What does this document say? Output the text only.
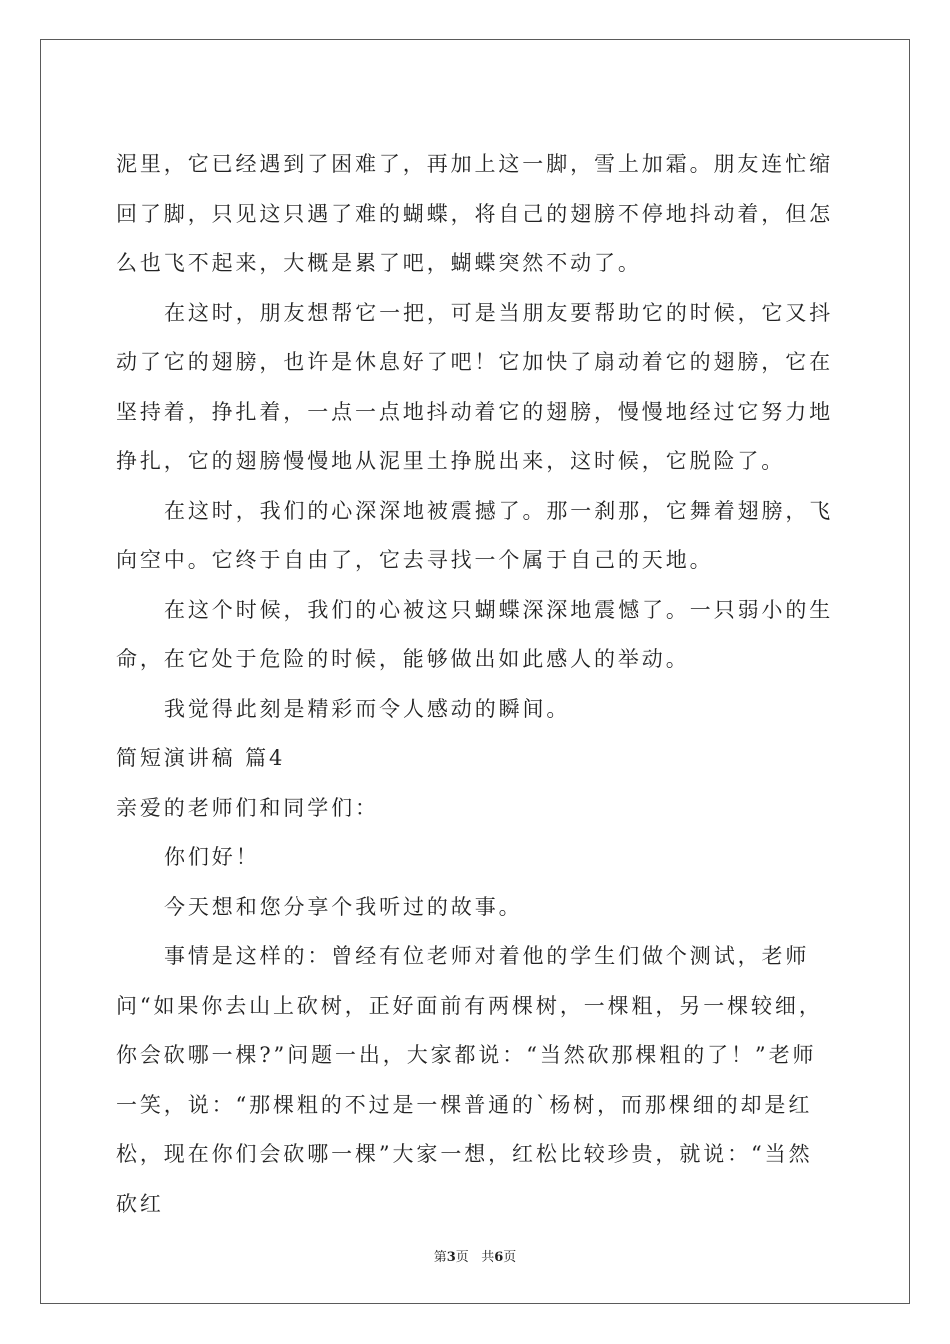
泥里，它已经遇到了困难了，再加上这一脚，雪上加霜。朋友连忙缩回了脚，只见这只遇了难的蝴蝶，将自己的翅膀不停地抖动着，但怎么也飞不起来，大概是累了吧，蝴蝶突然不动了。

在这时，朋友想帮它一把，可是当朋友要帮助它的时候，它又抖动了它的翅膀，也许是休息好了吧！它加快了扇动着它的翅膀，它在坚持着，挣扎着，一点一点地抖动着它的翅膀，慢慢地经过它努力地挣扎，它的翅膀慢慢地从泥里土挣脱出来，这时候，它脱险了。

在这时，我们的心深深地被震撼了。那一刹那，它舞着翅膀，飞向空中。它终于自由了，它去寻找一个属于自己的天地。

在这个时候，我们的心被这只蝴蝶深深地震憾了。一只弱小的生命，在它处于危险的时候，能够做出如此感人的举动。

我觉得此刻是精彩而令人感动的瞬间。

简短演讲稿 篇4

亲爱的老师们和同学们：

你们好！

今天想和您分享个我听过的故事。

事情是这样的：曾经有位老师对着他的学生们做个测试，老师问“如果你去山上砍树，正好面前有两棵树，一棵粗，另一棵较细，你会砍哪一棵?”问题一出，大家都说：“当然砍那棵粗的了！”老师一笑，说：“那棵粗的不过是一棵普通的`杨树，而那棵细的却是红松，现在你们会砍哪一棵”大家一想，红松比较珍贵，就说：“当然砍红

第3页   共6页
